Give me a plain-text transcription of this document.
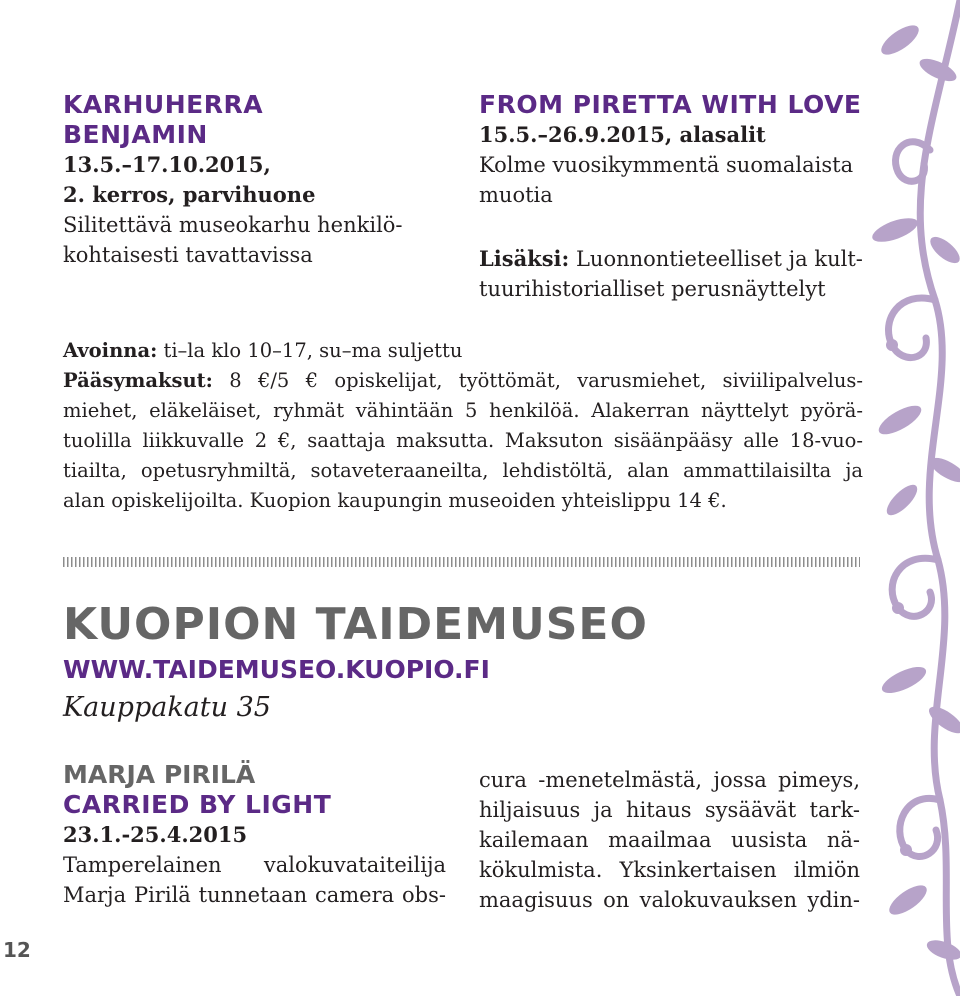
KARHUHERRA BENJAMIN
13.5.–17.10.2015,
2. kerros, parvihuone
Silitettävä museokarhu henkilö-
kohtaisesti tavattavissa
FROM PIRETTA WITH LOVE
15.5.–26.9.2015, alasalit
Kolme vuosikymmentä suomalaista
muotia
Lisäksi: Luonnontieteelliset ja kult-
tuurihistorialliset perusnäyttelyt

Avoinna: ti–la klo 10–17, su–ma suljettu

Pääsymaksut: 8 €/5 € opiskelijat, työttömät, varusmiehet, siviilipalvelus-miehet, eläkeläiset, ryhmät vähintään 5 henkilöä. Alakerran näyttelyt pyörä-tuolilla liikkuvalle 2 €, saattaja maksutta. Maksuton sisäänpääsy alle 18-vuo-tiailta, opetusryhmiltä, sotaveteraaneilta, lehdistöltä, alan ammattilaisilta ja alan opiskelijoilta. Kuopion kaupungin museoiden yhteislippu 14 €.

KUOPION TAIDEMUSEO
WWW.TAIDEMUSEO.KUOPIO.FI
Kauppakatu 35
MARJA PIRILÄ
CARRIED BY LIGHT
23.1.-25.4.2015
Tamperelainen valokuvataiteilija
Marja Pirilä tunnetaan camera obs-
cura -menetelmästä, jossa pimeys,
hiljaisuus ja hitaus sysäävät tark-
kailemaan maailmaa uusista nä-
kökulmista. Yksinkertaisen ilmiön
maagisuus on valokuvauksen ydin-
12
